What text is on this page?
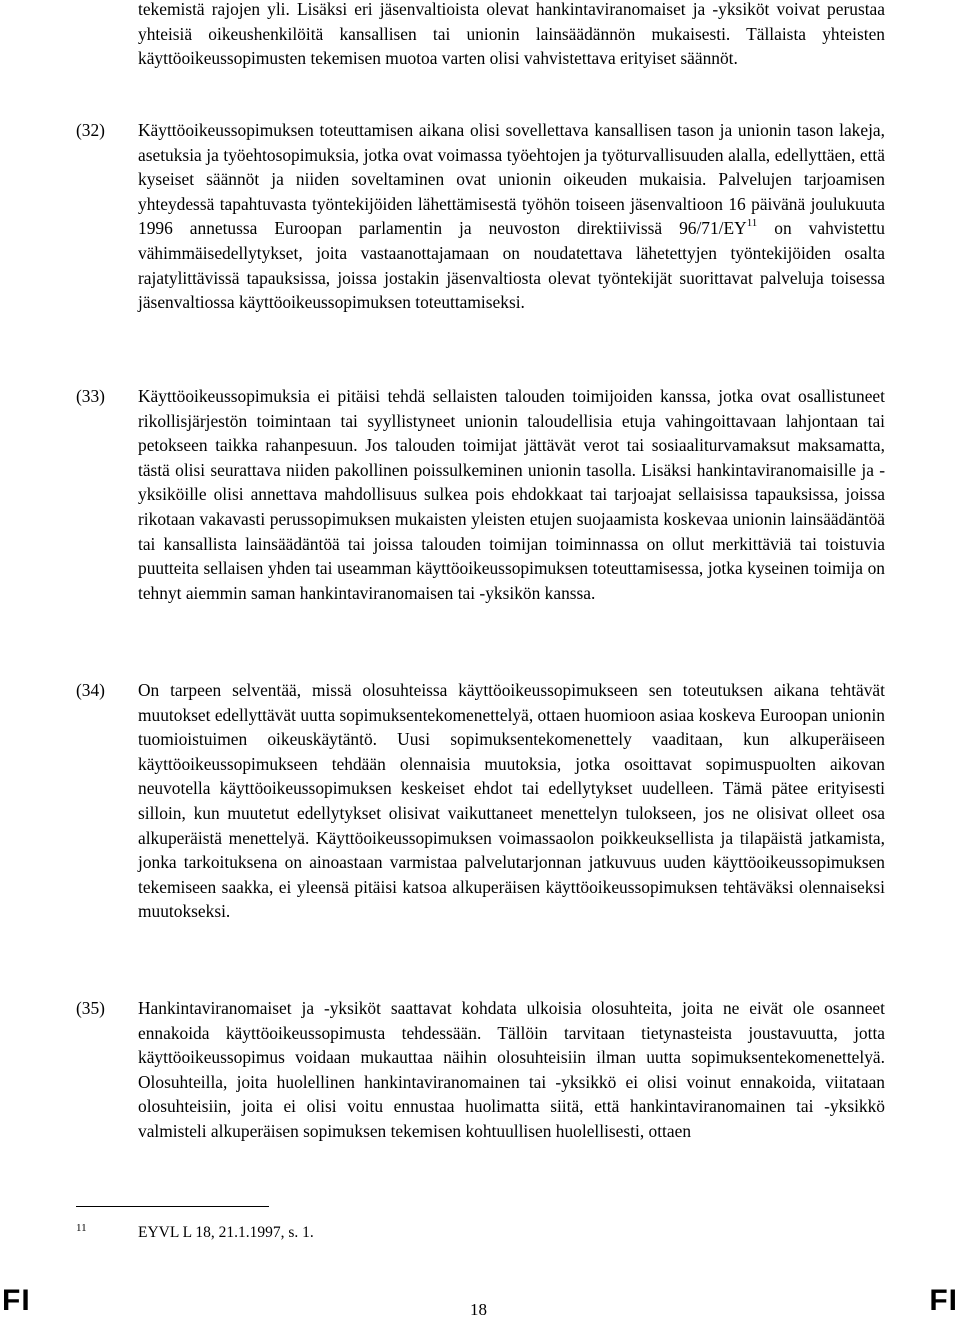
tekemistä rajojen yli. Lisäksi eri jäsenvaltioista olevat hankintaviranomaiset ja -yksiköt voivat perustaa yhteisiä oikeushenkilöitä kansallisen tai unionin lainsäädännön mukaisesti. Tällaista yhteisten käyttöoikeussopimusten tekemisen muotoa varten olisi vahvistettava erityiset säännöt.

(32) Käyttöoikeussopimuksen toteuttamisen aikana olisi sovellettava kansallisen tason ja unionin tason lakeja, asetuksia ja työehtosopimuksia, jotka ovat voimassa työehtojen ja työturvallisuuden alalla, edellyttäen, että kyseiset säännöt ja niiden soveltaminen ovat unionin oikeuden mukaisia. Palvelujen tarjoamisen yhteydessä tapahtuvasta työntekijöiden lähettämisestä työhön toiseen jäsenvaltioon 16 päivänä joulukuuta 1996 annetussa Euroopan parlamentin ja neuvoston direktiivissä 96/71/EY$^{11}$ on vahvistettu vähimmäisedellytykset, joita vastaanottajamaan on noudatettava lähetettyjen työntekijöiden osalta rajatylittävissä tapauksissa, joissa jostakin jäsenvaltiosta olevat työntekijät suorittavat palveluja toisessa jäsenvaltiossa käyttöoikeussopimuksen toteuttamiseksi.

(33) Käyttöoikeussopimuksia ei pitäisi tehdä sellaisten talouden toimijoiden kanssa, jotka ovat osallistuneet rikollisjärjestön toimintaan tai syyllistyneet unionin taloudellisia etuja vahingoittavaan lahjontaan tai petokseen taikka rahanpesuun. Jos talouden toimijat jättävät verot tai sosiaaliturvamaksut maksamatta, tästä olisi seurattava niiden pakollinen poissulkeminen unionin tasolla. Lisäksi hankintaviranomaisille ja -yksiköille olisi annettava mahdollisuus sulkea pois ehdokkaat tai tarjoajat sellaisissa tapauksissa, joissa rikotaan vakavasti perussopimuksen mukaisten yleisten etujen suojaamista koskevaa unionin lainsäädäntöä tai kansallista lainsäädäntöä tai joissa talouden toimijan toiminnassa on ollut merkittäviä tai toistuvia puutteita sellaisen yhden tai useamman käyttöoikeussopimuksen toteuttamisessa, jotka kyseinen toimija on tehnyt aiemmin saman hankintaviranomaisen tai -yksikön kanssa.

(34) On tarpeen selventää, missä olosuhteissa käyttöoikeussopimukseen sen toteutuksen aikana tehtävät muutokset edellyttävät uutta sopimuksentekomenettelyä, ottaen huomioon asiaa koskeva Euroopan unionin tuomioistuimen oikeuskäytäntö. Uusi sopimuksentekomenettely vaaditaan, kun alkuperäiseen käyttöoikeussopimukseen tehdään olennaisia muutoksia, jotka osoittavat sopimuspuolten aikovan neuvotella käyttöoikeussopimuksen keskeiset ehdot tai edellytykset uudelleen. Tämä pätee erityisesti silloin, kun muutetut edellytykset olisivat vaikuttaneet menettelyn tulokseen, jos ne olisivat olleet osa alkuperäistä menettelyä. Käyttöoikeussopimuksen voimassaolon poikkeuksellista ja tilapäistä jatkamista, jonka tarkoituksena on ainoastaan varmistaa palvelutarjonnan jatkuvuus uuden käyttöoikeussopimuksen tekemiseen saakka, ei yleensä pitäisi katsoa alkuperäisen käyttöoikeussopimuksen tehtäväksi olennaiseksi muutokseksi.

(35) Hankintaviranomaiset ja -yksiköt saattavat kohdata ulkoisia olosuhteita, joita ne eivät ole osanneet ennakoida käyttöoikeussopimusta tehdessään. Tällöin tarvitaan tietynasteista joustavuutta, jotta käyttöoikeussopimus voidaan mukauttaa näihin olosuhteisiin ilman uutta sopimuksentekomenettelyä. Olosuhteilla, joita huolellinen hankintaviranomainen tai -yksikkö ei olisi voinut ennakoida, viitataan olosuhteisiin, joita ei olisi voitu ennustaa huolimatta siitä, että hankintaviranomainen tai -yksikkö valmisteli alkuperäisen sopimuksen tekemisen kohtuullisen huolellisesti, ottaen

11	EYVL L 18, 21.1.1997, s. 1.
FI	18	FI
